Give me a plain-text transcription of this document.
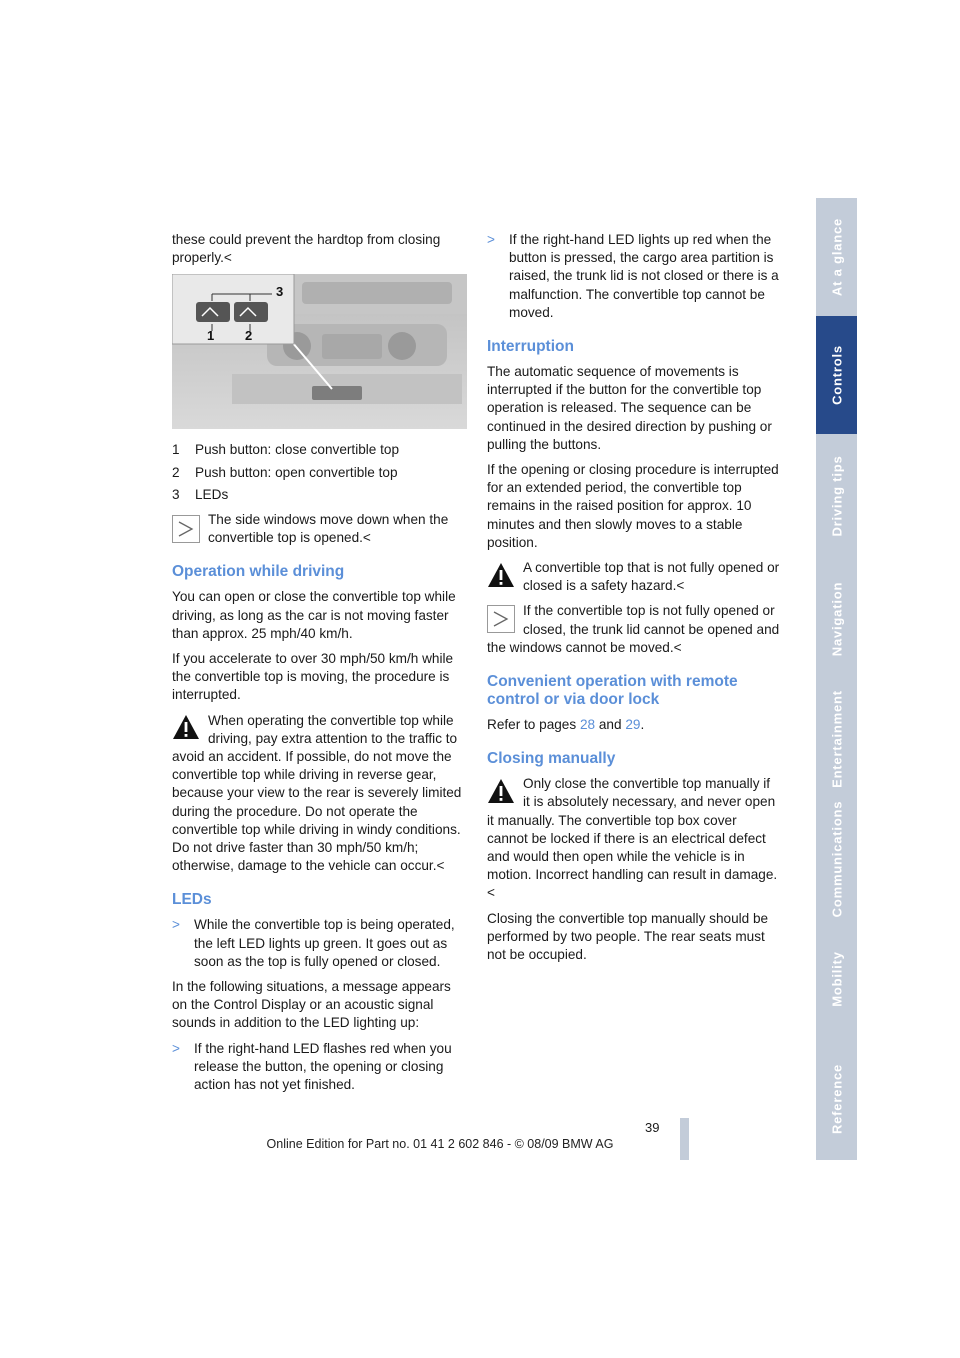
these could prevent the hardtop from closing properly.<

3
1 2
1	Push button: close convertible top
2	Push button: open convertible top
3	LEDs
The side windows move down when the convertible top is opened.<
Operation while driving

You can open or close the convertible top while driving, as long as the car is not moving faster than approx. 25 mph/40 km/h.

If you accelerate to over 30 mph/50 km/h while the convertible top is moving, the procedure is interrupted.

When operating the convertible top while driving, pay extra attention to the traffic to avoid an accident. If possible, do not move the convertible top while driving in reverse gear, because your view to the rear is severely limited during the procedure. Do not operate the convertible top while driving in windy conditions. Do not drive faster than 30 mph/50 km/h; otherwise, damage to the vehicle can occur.<
LEDs
>	While the convertible top is being operated, the left LED lights up green. It goes out as soon as the top is fully opened or closed.

In the following situations, a message appears on the Control Display or an acoustic signal sounds in addition to the LED lighting up:

>	If the right-hand LED flashes red when you release the button, the opening or closing action has not yet finished.
>	If the right-hand LED lights up red when the button is pressed, the cargo area partition is raised, the trunk lid is not closed or there is a malfunction. The convertible top cannot be moved.
Interruption

The automatic sequence of movements is interrupted if the button for the convertible top operation is released. The sequence can be continued in the desired direction by pushing or pulling the buttons.

If the opening or closing procedure is interrupted for an extended period, the convertible top remains in the raised position for approx. 10 minutes and then slowly moves to a stable position.

A convertible top that is not fully opened or closed is a safety hazard.<
If the convertible top is not fully opened or closed, the trunk lid cannot be opened and the windows cannot be moved.<
Convenient operation with remote control or via door lock

Refer to pages 28 and 29.

Closing manually
Only close the convertible top manually if it is absolutely necessary, and never open it manually. The convertible top box cover cannot be locked if there is an electrical defect and would then open while the vehicle is in motion. Incorrect handling can result in damage.<

Closing the convertible top manually should be performed by two people. The rear seats must not be occupied.

At a glance
Controls
Driving tips
Navigation
Entertainment
Communications
Mobility
Reference
39
Online Edition for Part no. 01 41 2 602 846 - © 08/09 BMW AG
